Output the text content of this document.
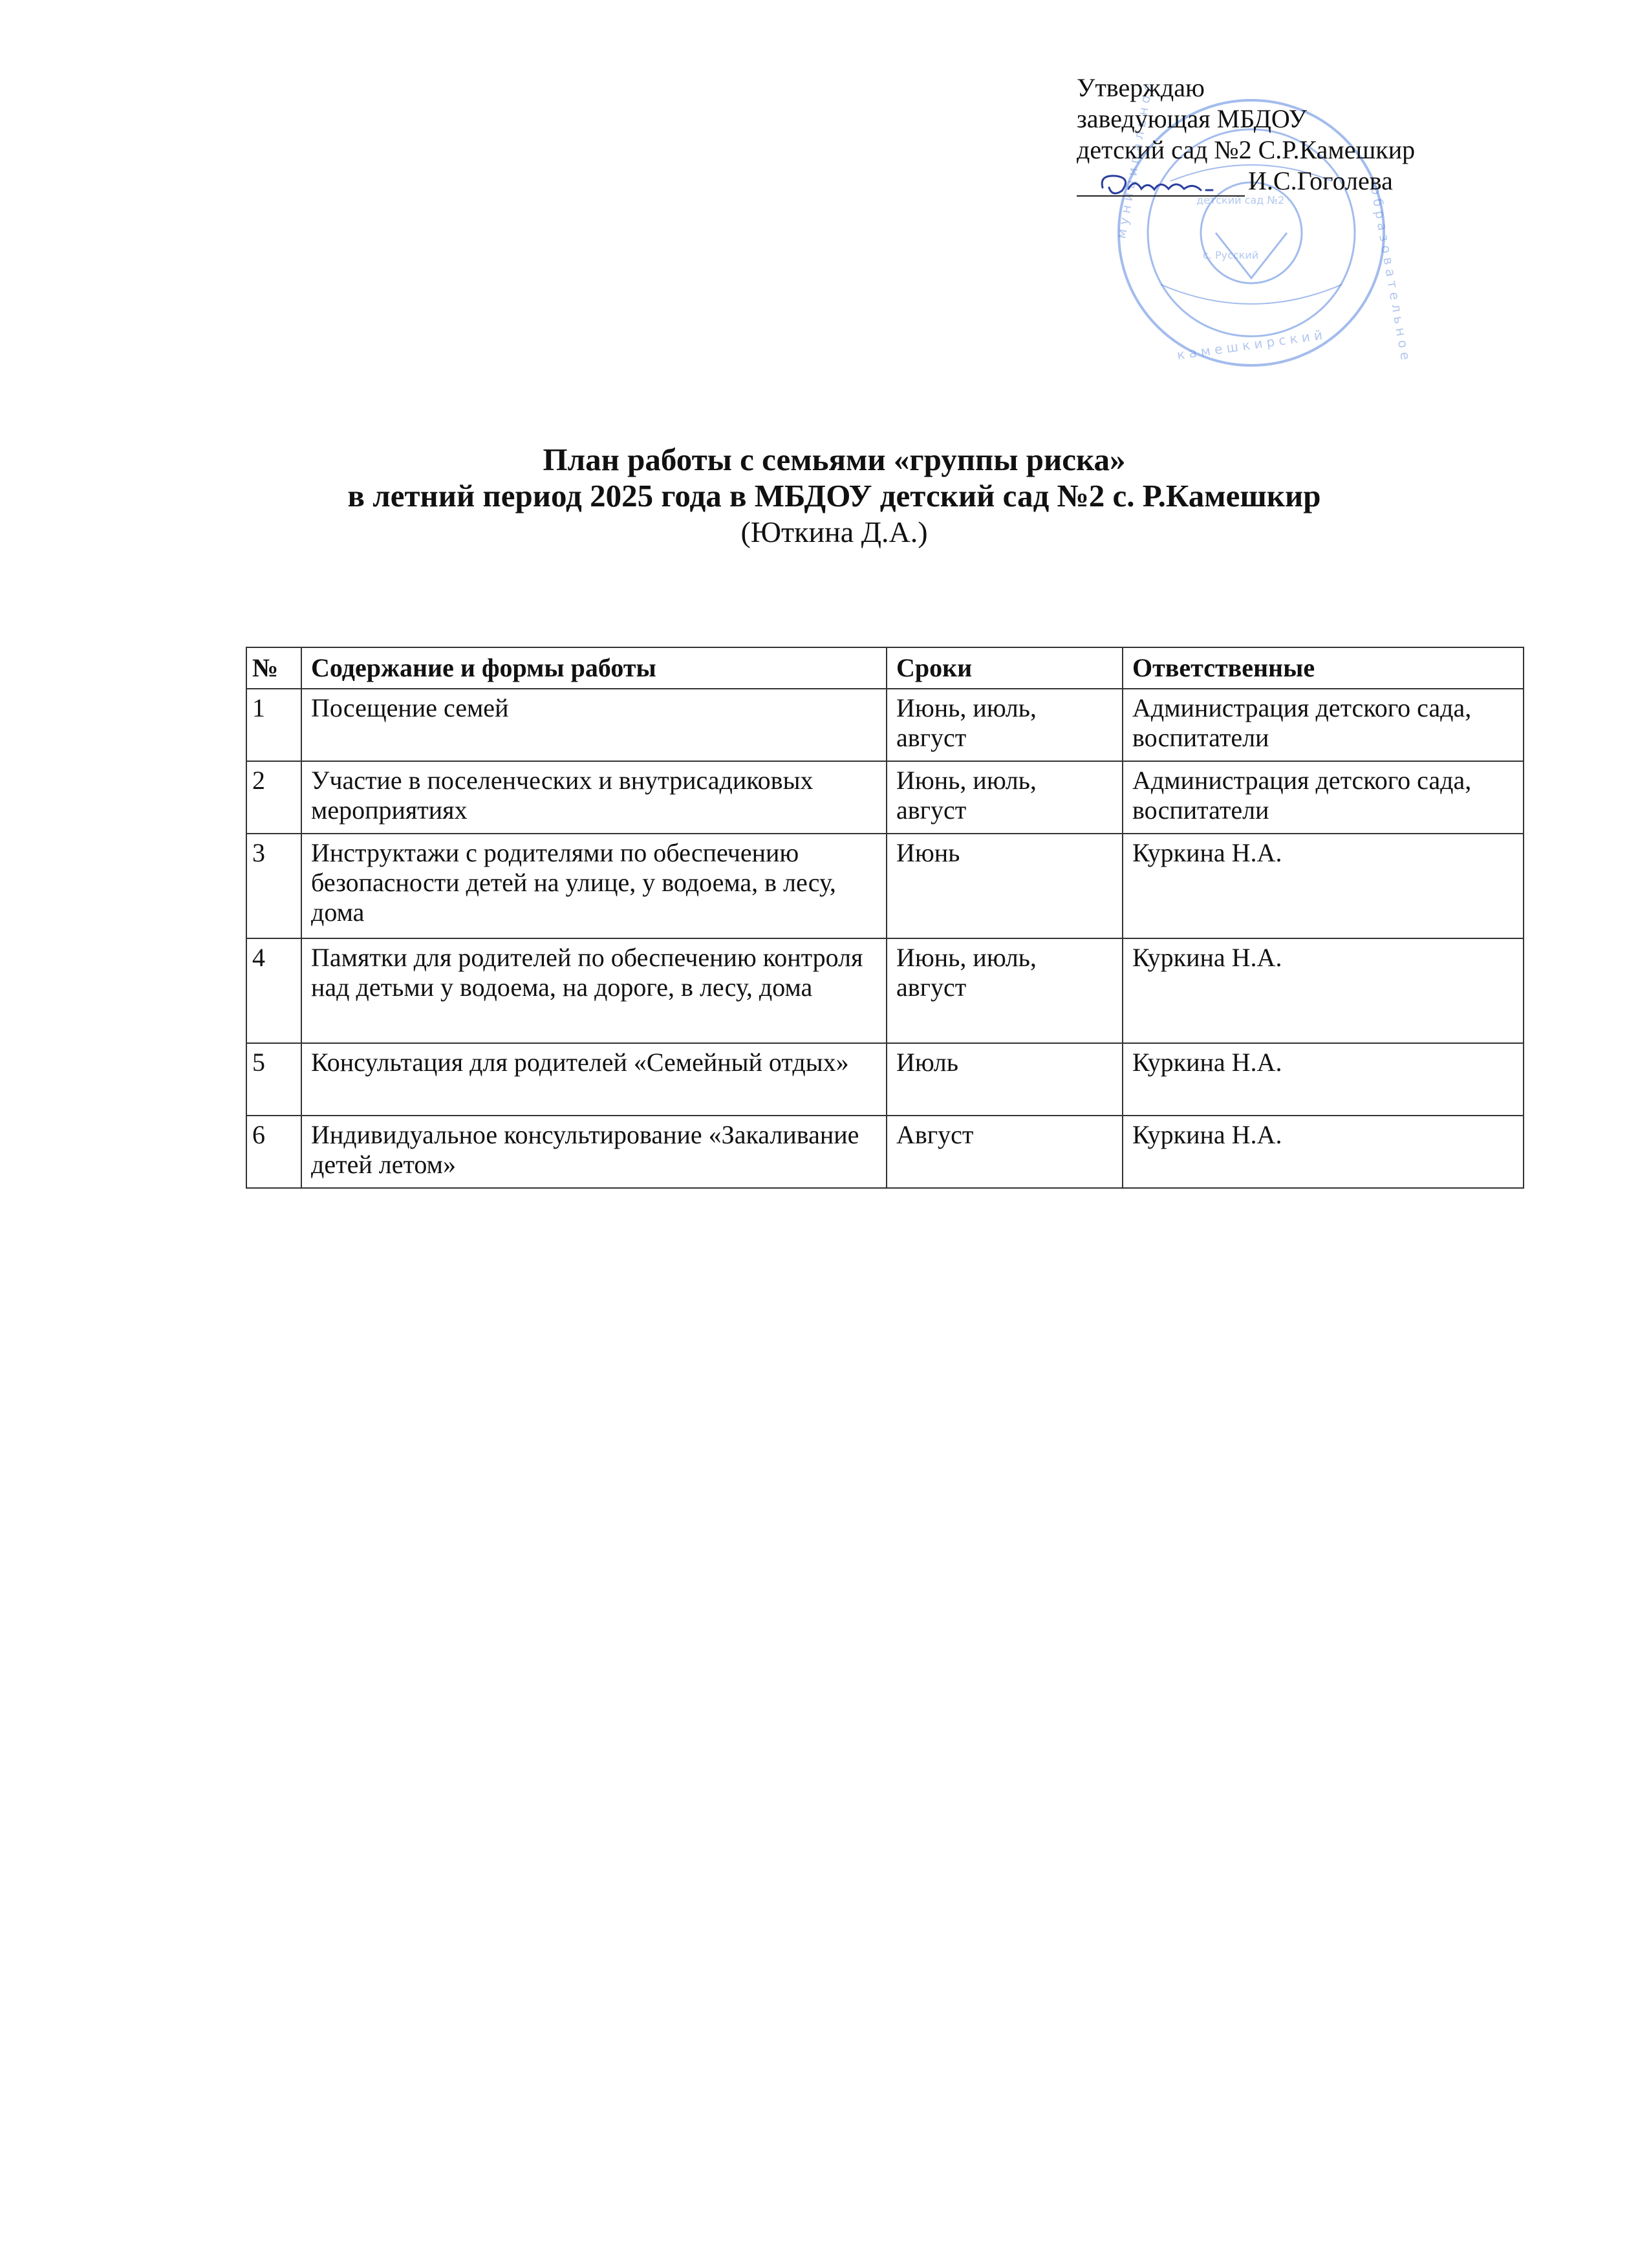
к а м е ш к и р с к и й
м у н и ц и п а л ь н о е
о б р а з о в а т е л ь н о е
детский сад №2
с. Русский
Утверждаю
заведующая МБДОУ
детский сад №2 С.Р.Камешкир
И.С.Гоголева
План работы с семьями «группы риска»
в летний период 2025 года в МБДОУ детский сад №2 с. Р.Камешкир
(Юткина Д.А.)
№	Содержание и формы работы	Сроки	Ответственные
1	Посещение семей	Июнь, июль, август	Администрация детского сада, воспитатели
2	Участие в поселенческих и внутрисадиковых мероприятиях	Июнь, июль, август	Администрация детского сада, воспитатели
3	Инструктажи с родителями по обеспечению безопасности детей на улице, у водоема, в лесу, дома	Июнь	Куркина Н.А.
4	Памятки для родителей по обеспечению контроля над детьми у водоема, на дороге, в лесу, дома	Июнь, июль, август	Куркина Н.А.
5	Консультация для родителей «Семейный отдых»	Июль	Куркина Н.А.
6	Индивидуальное консультирование «Закаливание детей летом»	Август	Куркина Н.А.
